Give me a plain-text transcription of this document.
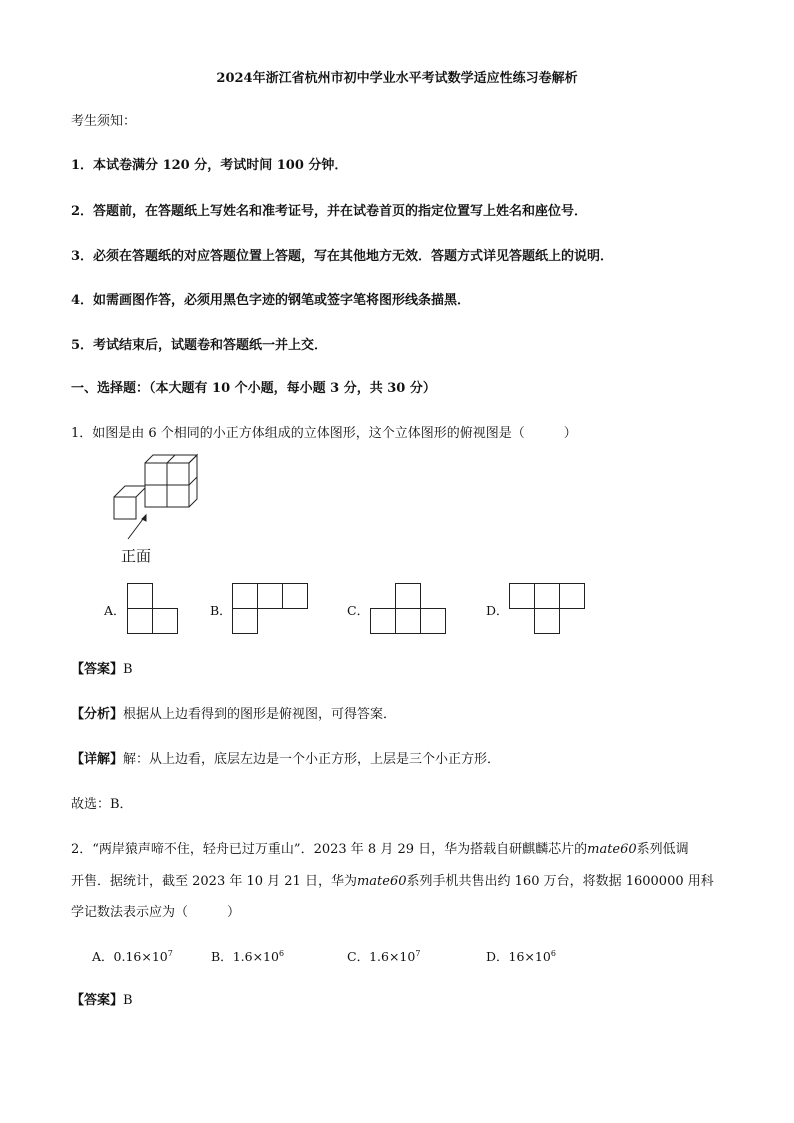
2024年浙江省杭州市初中学业水平考试数学适应性练习卷解析
考生须知：
1．本试卷满分 120 分，考试时间 100 分钟．
2．答题前，在答题纸上写姓名和准考证号，并在试卷首页的指定位置写上姓名和座位号．
3．必须在答题纸的对应答题位置上答题，写在其他地方无效．答题方式详见答题纸上的说明．
4．如需画图作答，必须用黑色字迹的钢笔或签字笔将图形线条描黑．
5．考试结束后，试题卷和答题纸一并上交．
一、选择题：（本大题有 10 个小题，每小题 3 分，共 30 分）
1．如图是由 6 个相同的小正方体组成的立体图形，这个立体图形的俯视图是（　　　）
正面
A．	B．	C．	D．
【答案】B
【分析】根据从上边看得到的图形是俯视图，可得答案．
【详解】解：从上边看，底层左边是一个小正方形，上层是三个小正方形．
故选：B．
2．“两岸猿声啼不住，轻舟已过万重山”．2023 年 8 月 29 日，华为搭载自研麒麟芯片的mate60系列低调
开售．据统计，截至 2023 年 10 月 21 日，华为mate60系列手机共售出约 160 万台，将数据 1600000 用科
学记数法表示应为（　　　）
A．$0.16\times 10^7$	B．$1.6\times 10^6$	C．$1.6\times 10^7$	D．$16\times 10^6$
【答案】B
